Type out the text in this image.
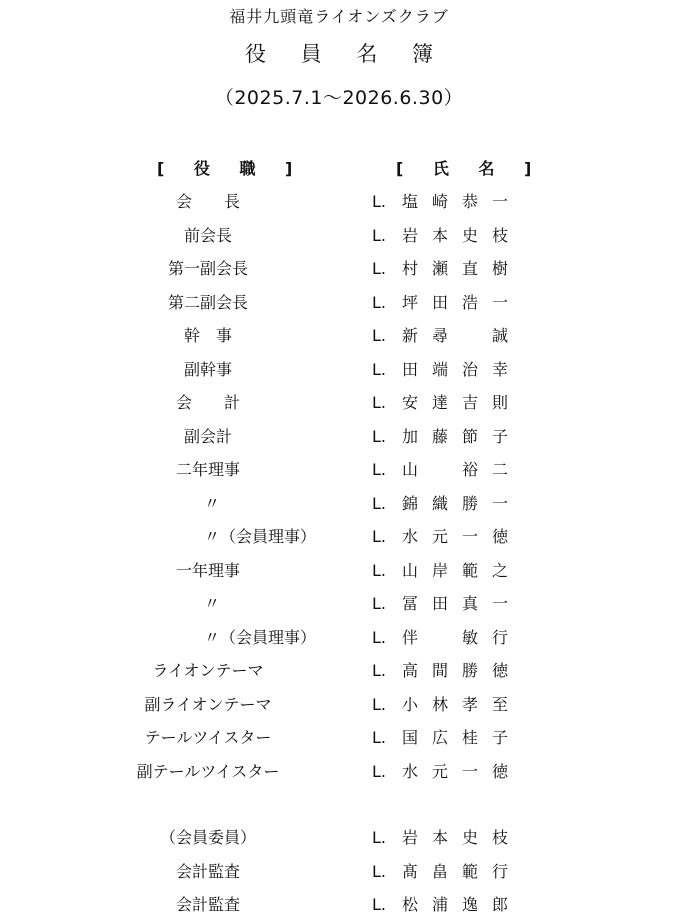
福井九頭竜ライオンズクラブ
役 員 名 簿
（2025.7.1～2026.6.30）
[ 役 職 ]	[ 氏 名 ]
会　　長	L. 塩崎恭一
前会長	L. 岩本史枝
第一副会長	L. 村瀬直樹
第二副会長	L. 坪田浩一
幹　事	L. 新尋　誠
副幹事	L. 田端治幸
会　　計	L. 安達吉則
副会計	L. 加藤節子
二年理事	L. 山　裕二
〃	L. 錦織勝一
〃（会員理事）	L. 水元一徳
一年理事	L. 山岸範之
〃	L. 冨田真一
〃（会員理事）	L. 伴　敏行
ライオンテーマ	L. 高間勝徳
副ライオンテーマ	L. 小林孝至
テールツイスター	L. 国広桂子
副テールツイスター	L. 水元一徳
（会員委員）	L. 岩本史枝
会計監査	L. 髙畠範行
会計監査	L. 松浦逸郎
